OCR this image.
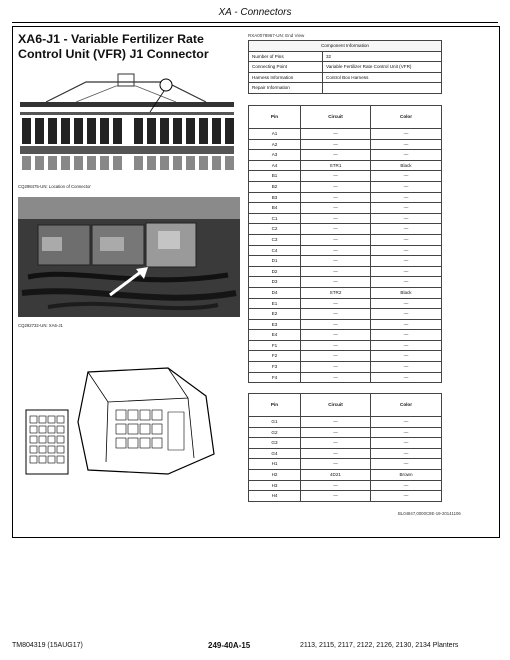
XA - Connectors
XA6-J1 - Variable Fertilizer Rate Control Unit (VFR) J1 Connector
CQ298475-UN: Location of Connector
CQ292732-UN: XA6-J1
RXA0078967-UN: End View
Component Information	
Number of Pins	32
Connecting Point	Variable Fertilizer Rate Control Unit (VFR)
Harness Information	Control Box Harness
Repair Information	
Pin	Circuit	Color
A1	—	—
A2	—	—
A3	—	—
A4	STR1	Black
B1	—	—
B2	—	—
B3	—	—
B4	—	—
C1	—	—
C2	—	—
C3	—	—
C4	—	—
D1	—	—
D2	—	—
D3	—	—
D4	STR2	Black
E1	—	—
E2	—	—
E3	—	—
E4	—	—
F1	—	—
F2	—	—
F3	—	—
F4	—	—
Pin	Circuit	Color
G1	—	—
G2	—	—
G3	—	—
G4	—	—
H1	—	—
H2	4D21	Brown
H3	—	—
H4	—	—
BL04847,0000C9E-19-20141106
TM804319 (15AUG17)	249-40A-15	2113, 2115, 2117, 2122, 2126, 2130, 2134 Planters
